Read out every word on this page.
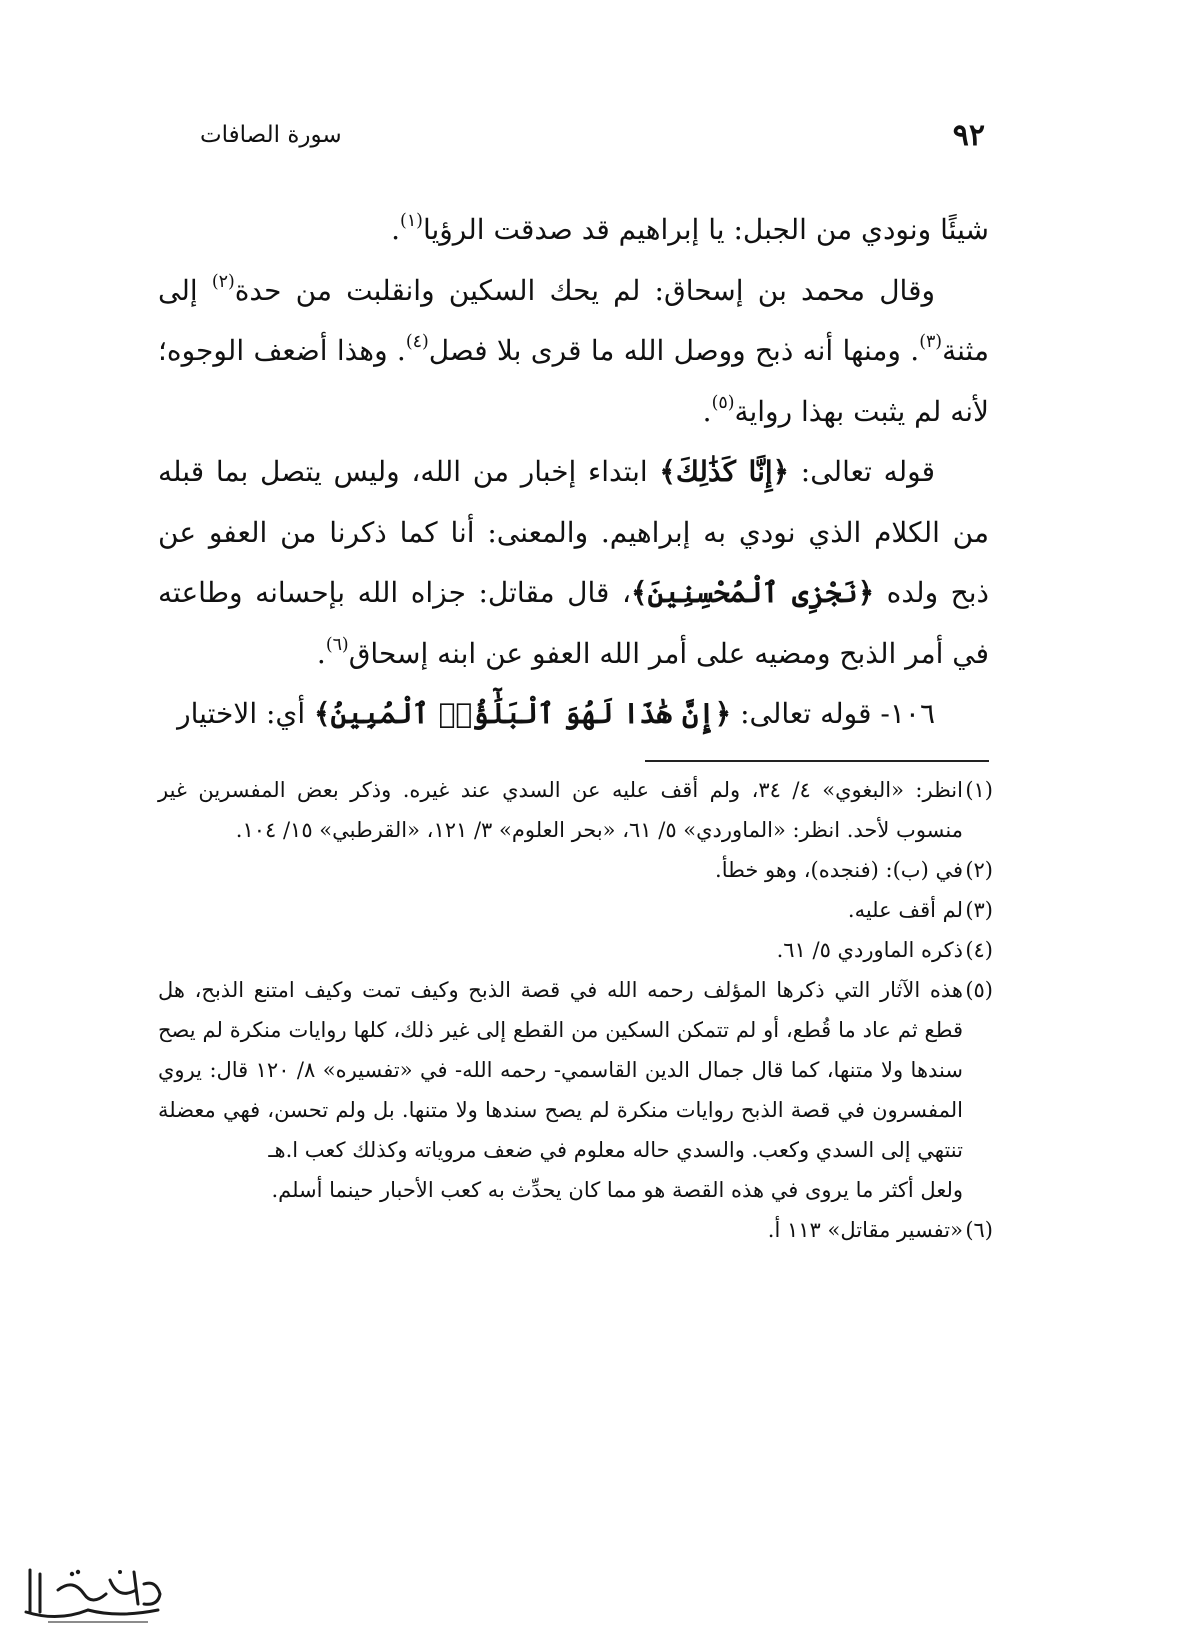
٩٢
سورة الصافات

شيئًا ونودي من الجبل: يا إبراهيم قد صدقت الرؤيا$^{(١)}$.

وقال محمد بن إسحاق: لم يحك السكين وانقلبت من حدة$^{(٢)}$ إلى مثنة$^{(٣)}$. ومنها أنه ذبح ووصل الله ما قرى بلا فصل$^{(٤)}$. وهذا أضعف الوجوه؛ لأنه لم يثبت بهذا رواية$^{(٥)}$.

قوله تعالى: ﴿إِنَّا كَذَٰلِكَ﴾ ابتداء إخبار من الله، وليس يتصل بما قبله من الكلام الذي نودي به إبراهيم. والمعنى: أنا كما ذكرنا من العفو عن ذبح ولده ﴿نَجْزِى ٱلْمُحْسِنِينَ﴾، قال مقاتل: جزاه الله بإحسانه وطاعته في أمر الذبح ومضيه على أمر الله العفو عن ابنه إسحاق$^{(٦)}$.

١٠٦- قوله تعالى: ﴿إِنَّ هَٰذَا لَهُوَ ٱلْبَلَٰٓؤُا۟ ٱلْمُبِينُ﴾ أي: الاختيار

(١)
انظر: «البغوي» ٤/ ٣٤، ولم أقف عليه عن السدي عند غيره. وذكر بعض المفسرين غير منسوب لأحد. انظر: «الماوردي» ٥/ ٦١، «بحر العلوم» ٣/ ١٢١، «القرطبي» ١٥/ ١٠٤.

(٢)
في (ب): (فنجده)، وهو خطأ.

(٣)
لم أقف عليه.

(٤)
ذكره الماوردي ٥/ ٦١.

(٥)
هذه الآثار التي ذكرها المؤلف رحمه الله في قصة الذبح وكيف تمت وكيف امتنع الذبح، هل قطع ثم عاد ما قُطع، أو لم تتمكن السكين من القطع إلى غير ذلك، كلها روايات منكرة لم يصح سندها ولا متنها، كما قال جمال الدين القاسمي- رحمه الله- في «تفسيره» ٨/ ١٢٠ قال: يروي المفسرون في قصة الذبح روايات منكرة لم يصح سندها ولا متنها. بل ولم تحسن، فهي معضلة تنتهي إلى السدي وكعب. والسدي حاله معلوم في ضعف مروياته وكذلك كعب ا.هـ

ولعل أكثر ما يروى في هذه القصة هو مما كان يحدِّث به كعب الأحبار حينما أسلم.

(٦)
«تفسير مقاتل» ١١٣ أ.
